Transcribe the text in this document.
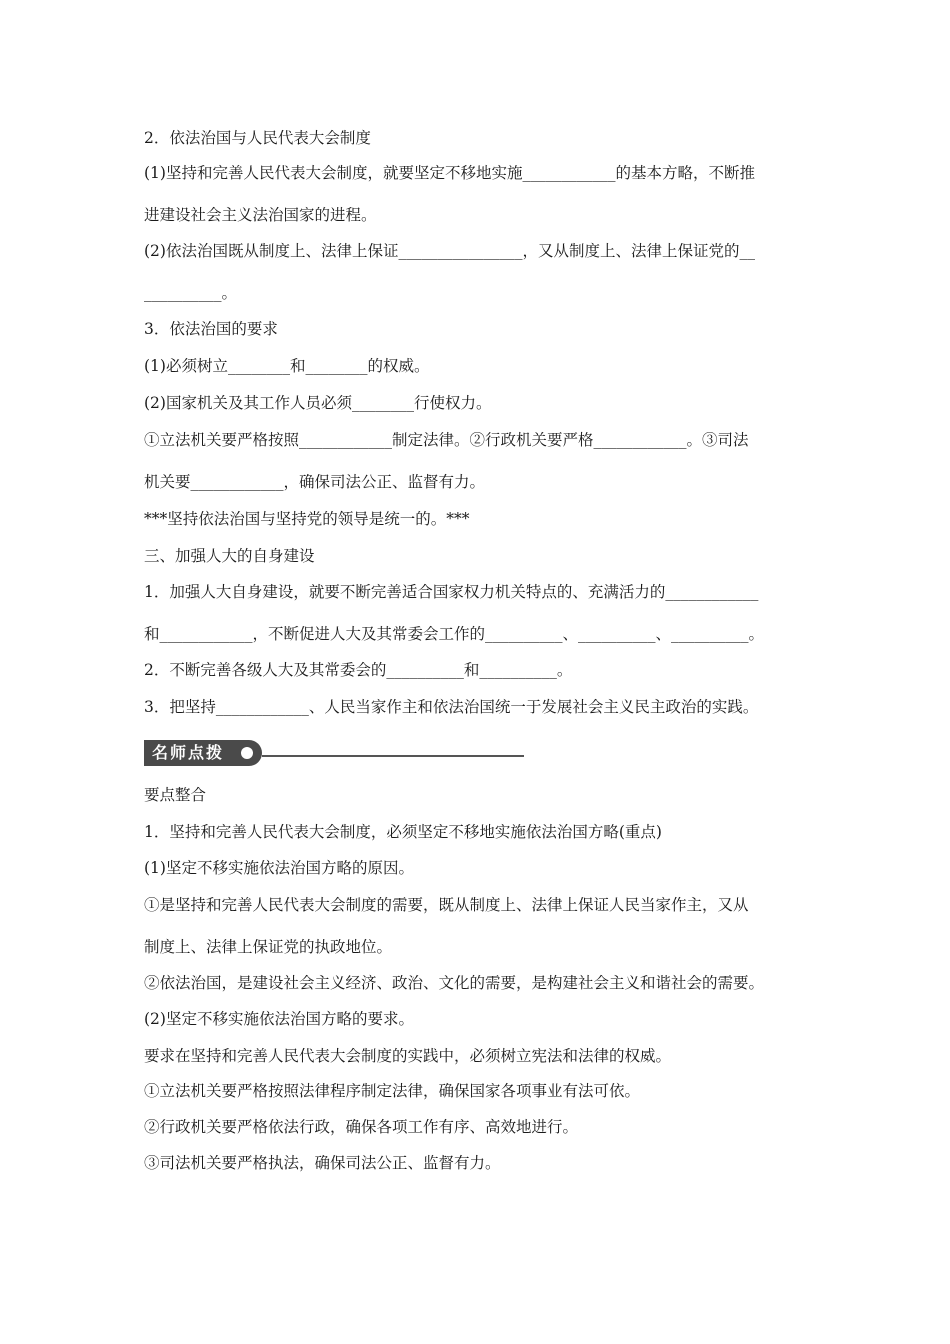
2．依法治国与人民代表大会制度
(1)坚持和完善人民代表大会制度，就要坚定不移地实施____________的基本方略，不断推
进建设社会主义法治国家的进程。
(2)依法治国既从制度上、法律上保证________________，又从制度上、法律上保证党的__
__________。
3．依法治国的要求
(1)必须树立________和________的权威。
(2)国家机关及其工作人员必须________行使权力。
①立法机关要严格按照____________制定法律。②行政机关要严格____________。③司法
机关要____________，确保司法公正、监督有力。
***坚持依法治国与坚持党的领导是统一的。***
三、加强人大的自身建设
1．加强人大自身建设，就要不断完善适合国家权力机关特点的、充满活力的____________
和____________，不断促进人大及其常委会工作的__________、__________、__________。
2．不断完善各级人大及其常委会的__________和__________。
3．把坚持____________、人民当家作主和依法治国统一于发展社会主义民主政治的实践。
名师点拨
要点整合
1．坚持和完善人民代表大会制度，必须坚定不移地实施依法治国方略(重点)
(1)坚定不移实施依法治国方略的原因。
①是坚持和完善人民代表大会制度的需要，既从制度上、法律上保证人民当家作主，又从
制度上、法律上保证党的执政地位。
②依法治国，是建设社会主义经济、政治、文化的需要，是构建社会主义和谐社会的需要。
(2)坚定不移实施依法治国方略的要求。
要求在坚持和完善人民代表大会制度的实践中，必须树立宪法和法律的权威。
①立法机关要严格按照法律程序制定法律，确保国家各项事业有法可依。
②行政机关要严格依法行政，确保各项工作有序、高效地进行。
③司法机关要严格执法，确保司法公正、监督有力。
